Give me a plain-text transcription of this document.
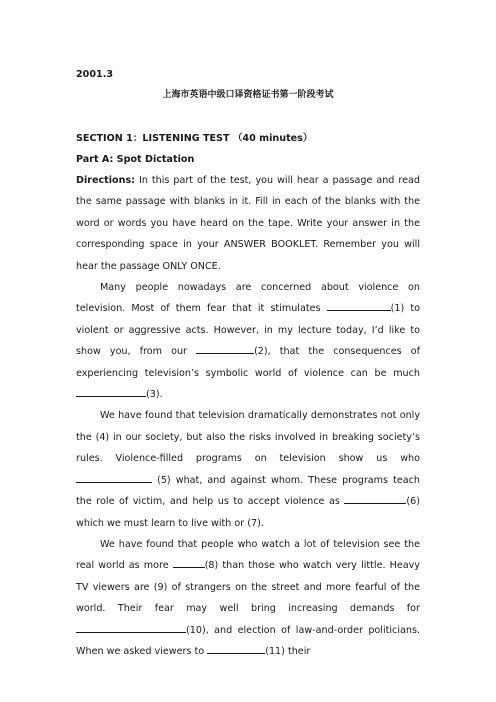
2001.3

上海市英语中级口译资格证书第一阶段考试

SECTION 1：LISTENING TEST （40 minutes）

Part A: Spot Dictation

Directions: In this part of the test, you will hear a passage and read the same passage with blanks in it. Fill in each of the blanks with the word or words you have heard on the tape. Write your answer in the corresponding space in your ANSWER BOOKLET. Remember you will hear the passage ONLY ONCE.

Many people nowadays are concerned about violence on television. Most of them fear that it stimulates	(1) to violent or aggressive acts. However, in my lecture today, I’d like to show you, from our	(2), that the consequences of experiencing television’s symbolic world of violence can be much (3).

We have found that television dramatically demonstrates not only the (4) in our society, but also the risks involved in breaking society’s rules. Violence-filled programs on television show us who  (5) what, and against whom. These programs teach the role of victim, and help us to accept violence as	(6) which we must learn to live with or (7).

We have found that people who watch a lot of television see the real world as more	(8) than those who watch very little. Heavy TV viewers are (9) of strangers on the street and more fearful of the world. Their fear may well bring increasing demands for (10), and election of law-and-order politicians. When we asked viewers to	(11) their
